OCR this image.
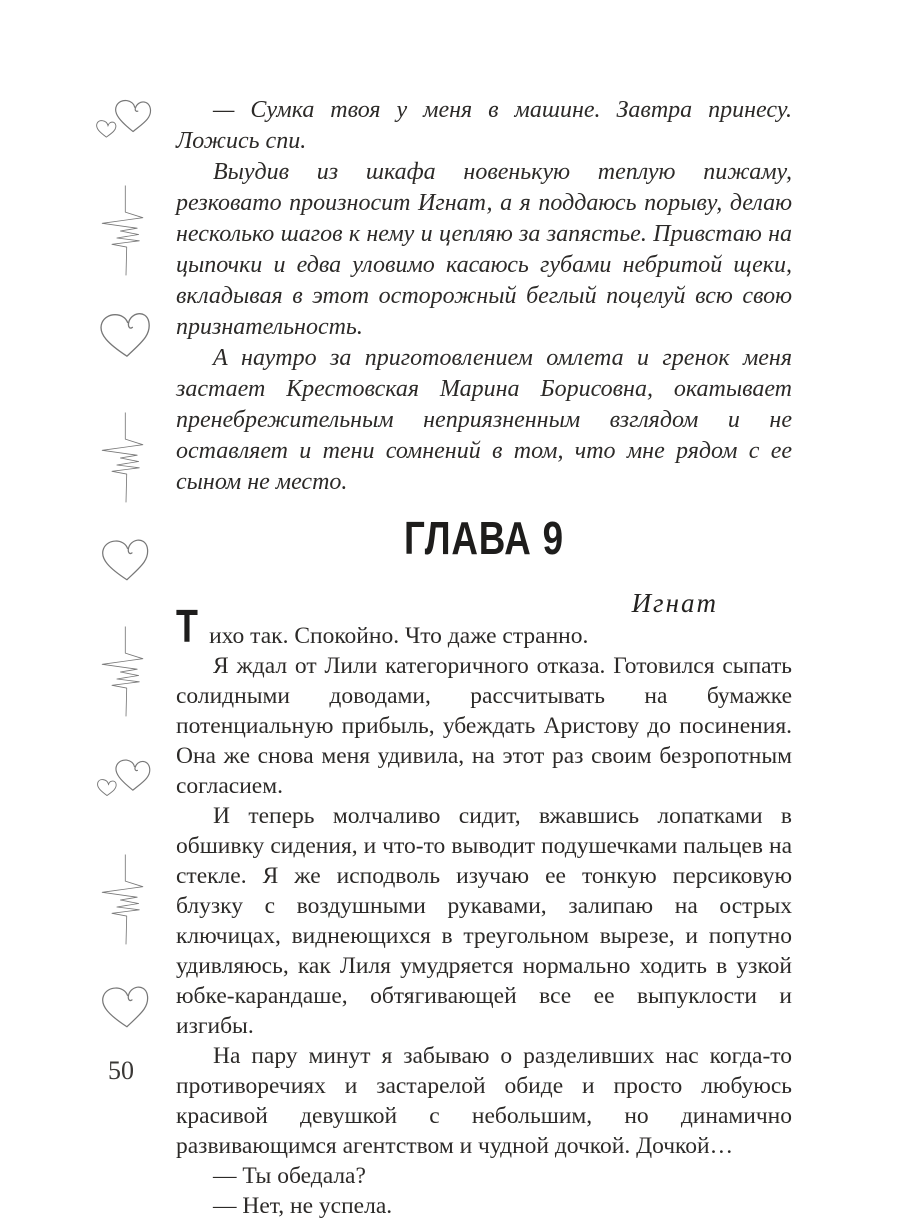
50

— Сумка твоя у меня в машине. Завтра принесу. Ложись спи.

Выудив из шкафа новенькую теплую пижаму, резковато произносит Игнат, а я поддаюсь порыву, делаю несколько шагов к нему и цепляю за запястье. Привстаю на цыпочки и едва уловимо касаюсь губами небритой щеки, вкладывая в этот осторожный беглый поцелуй всю свою признательность.

А наутро за приготовлением омлета и гренок меня застает Крестовская Марина Борисовна, окатывает пренебрежительным неприязненным взглядом и не оставляет и тени сомнений в том, что мне рядом с ее сыном не место.

ГЛАВА 9
Игнат

Тихо так. Спокойно. Что даже странно.

Я ждал от Лили категоричного отказа. Готовился сыпать солидными доводами, рассчитывать на бумажке потенциальную прибыль, убеждать Аристову до посинения. Она же снова меня удивила, на этот раз своим безропотным согласием.

И теперь молчаливо сидит, вжавшись лопатками в обшивку сидения, и что-то выводит подушечками пальцев на стекле. Я же исподволь изучаю ее тонкую персиковую блузку с воздушными рукавами, залипаю на острых ключицах, виднеющихся в треугольном вырезе, и попутно удивляюсь, как Лиля умудряется нормально ходить в узкой юбке-карандаше, обтягивающей все ее выпуклости и изгибы.

На пару минут я забываю о разделивших нас когда-то противоречиях и застарелой обиде и просто любуюсь красивой девушкой с небольшим, но динамично развивающимся агентством и чудной дочкой. Дочкой…

— Ты обедала?

— Нет, не успела.
